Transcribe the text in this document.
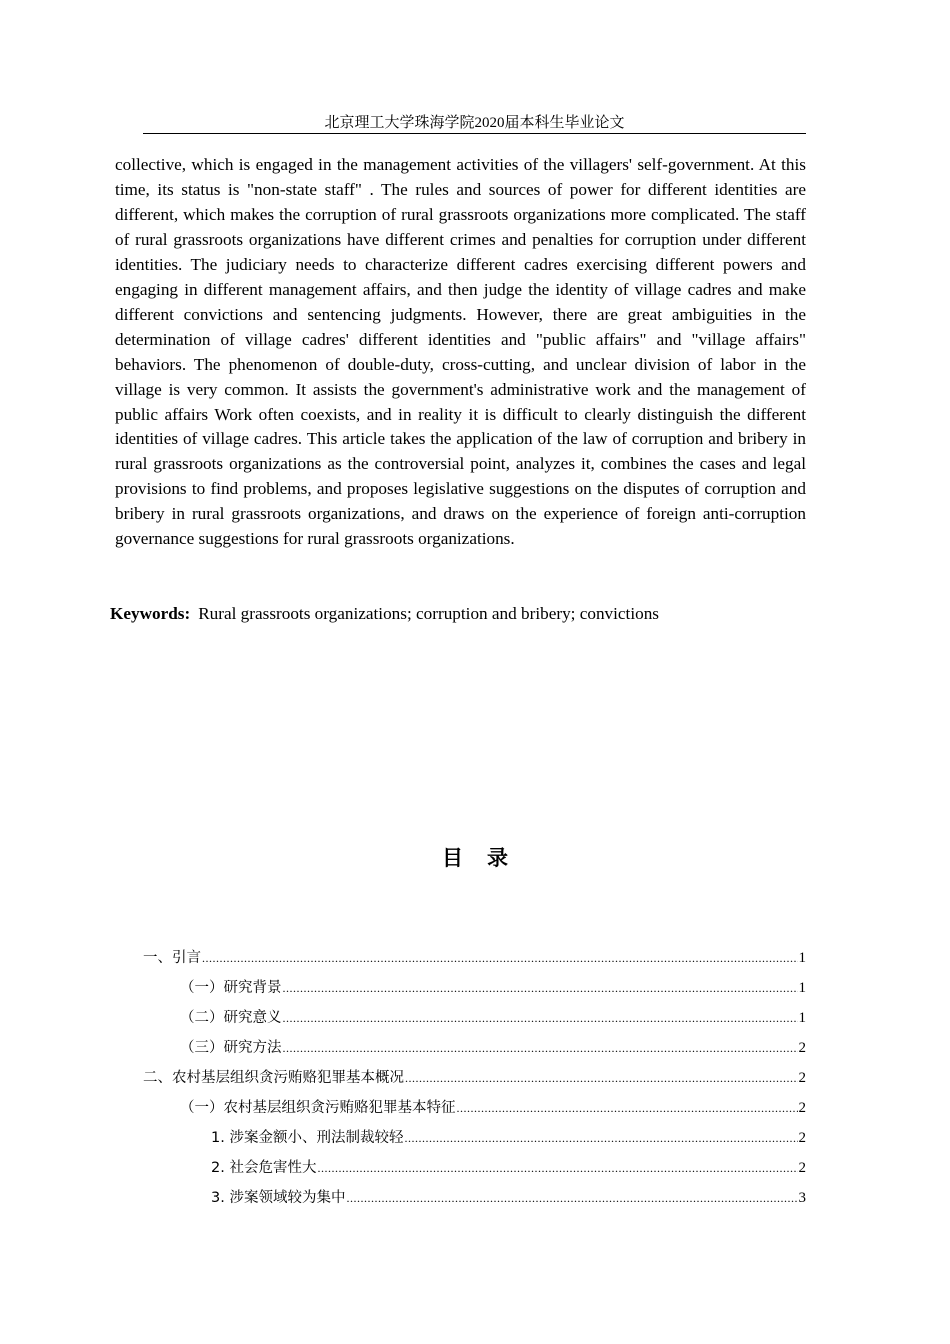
北京理工大学珠海学院2020届本科生毕业论文

collective, which is engaged in the management activities of the villagers' self-government. At this time, its status is "non-state staff" . The rules and sources of power for different identities are different, which makes the corruption of rural grassroots organizations more complicated. The staff of rural grassroots organizations have different crimes and penalties for corruption under different identities. The judiciary needs to characterize different cadres exercising different powers and engaging in different management affairs, and then judge the identity of village cadres and make different convictions and sentencing judgments. However, there are great ambiguities in the determination of village cadres' different identities and "public affairs" and "village affairs" behaviors. The phenomenon of double-duty, cross-cutting, and unclear division of labor in the village is very common. It assists the government's administrative work and the management of public affairs Work often coexists, and in reality it is difficult to clearly distinguish the different identities of village cadres. This article takes the application of the law of corruption and bribery in rural grassroots organizations as the controversial point, analyzes it, combines the cases and legal provisions to find problems, and proposes legislative suggestions on the disputes of corruption and bribery in rural grassroots organizations, and draws on the experience of foreign anti-corruption governance suggestions for rural grassroots organizations.

Keywords: Rural grassroots organizations; corruption and bribery; convictions
目录
一、引言 .....	1
（一）研究背景 .....	1
（二）研究意义 .....	1
（三）研究方法 .....	2
二、农村基层组织贪污贿赂犯罪基本概况 .....	2
（一）农村基层组织贪污贿赂犯罪基本特征 .....	2
1. 涉案金额小、刑法制裁较轻 .....	2
2. 社会危害性大 .....	2
3. 涉案领域较为集中 .....	3
